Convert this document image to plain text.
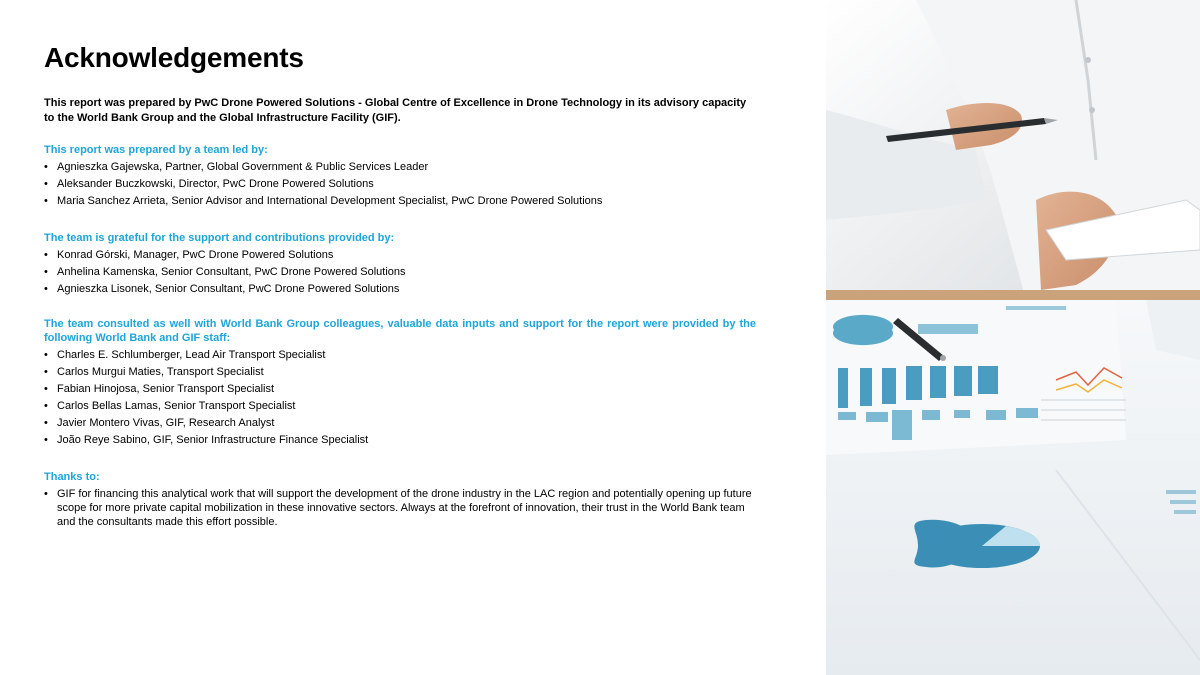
Acknowledgements

This report was prepared by PwC Drone Powered Solutions - Global Centre of Excellence in Drone Technology in its advisory capacity to the World Bank Group and the Global Infrastructure Facility (GIF).

This report was prepared by a team led by:

• Agnieszka Gajewska, Partner, Global Government & Public Services Leader
• Aleksander Buczkowski, Director, PwC Drone Powered Solutions
• Maria Sanchez Arrieta, Senior Advisor and International Development Specialist, PwC Drone Powered Solutions

The team is grateful for the support and contributions provided by:

• Konrad Górski, Manager, PwC Drone Powered Solutions
• Anhelina Kamenska, Senior Consultant, PwC Drone Powered Solutions
• Agnieszka Lisonek, Senior Consultant, PwC Drone Powered Solutions

The team consulted as well with World Bank Group colleagues, valuable data inputs and support for the report were provided by the following World Bank and GIF staff:

• Charles E. Schlumberger, Lead Air Transport Specialist
• Carlos Murgui Maties, Transport Specialist
• Fabian Hinojosa, Senior Transport Specialist
• Carlos Bellas Lamas, Senior Transport Specialist
• Javier Montero Vivas, GIF, Research Analyst
• João Reye Sabino, GIF, Senior Infrastructure Finance Specialist

Thanks to:

• GIF for financing this analytical work that will support the development of the drone industry in the LAC region and potentially opening up future scope for more private capital mobilization in these innovative sectors. Always at the forefront of innovation, their trust in the World Bank team and the consultants made this effort possible.
